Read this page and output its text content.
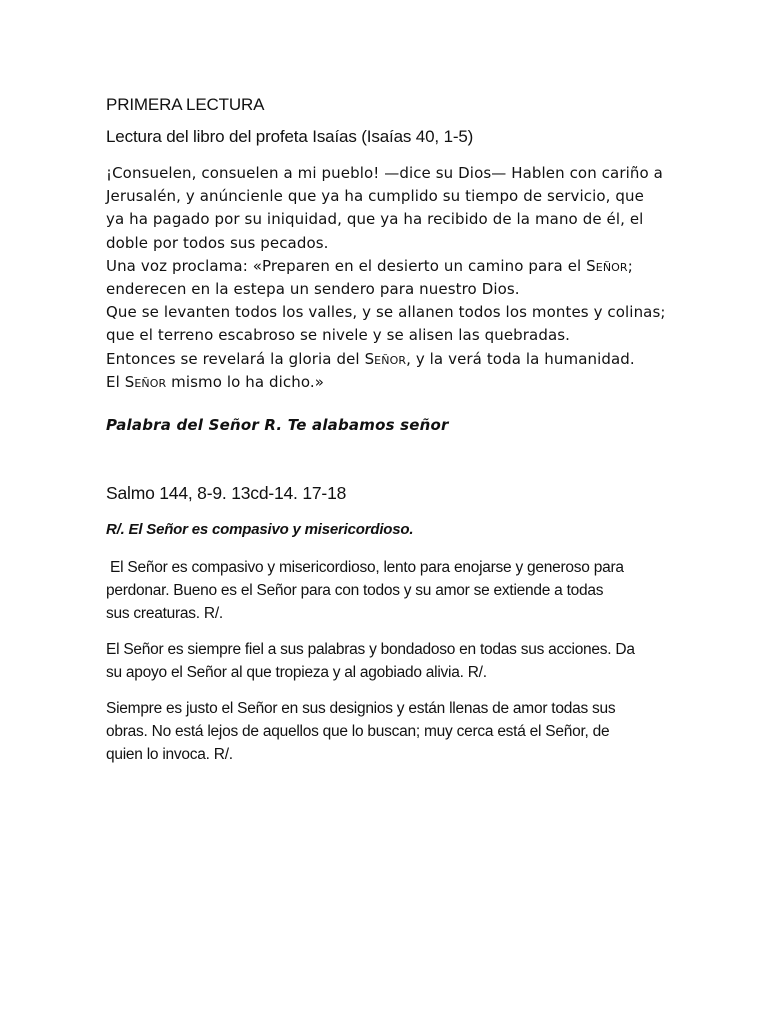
PRIMERA LECTURA

Lectura del libro del profeta Isaías (Isaías 40, 1-5)

¡Consuelen, consuelen a mi pueblo! —dice su Dios— Hablen con cariño a
Jerusalén, y anúncienle que ya ha cumplido su tiempo de servicio, que
ya ha pagado por su iniquidad, que ya ha recibido de la mano de él, el
doble por todos sus pecados.
Una voz proclama: «Preparen en el desierto un camino para el Señor;
enderecen en la estepa un sendero para nuestro Dios.
Que se levanten todos los valles, y se allanen todos los montes y colinas;
que el terreno escabroso se nivele y se alisen las quebradas.
Entonces se revelará la gloria del Señor, y la verá toda la humanidad.
El Señor mismo lo ha dicho.»

Palabra del Señor R. Te alabamos señor

Salmo 144, 8-9. 13cd-14. 17-18

R/. El Señor es compasivo y misericordioso.

El Señor es compasivo y misericordioso, lento para enojarse y generoso para
perdonar. Bueno es el Señor para con todos y su amor se extiende a todas
sus creaturas. R/.
El Señor es siempre fiel a sus palabras y bondadoso en todas sus acciones. Da
su apoyo el Señor al que tropieza y al agobiado alivia. R/.
Siempre es justo el Señor en sus designios y están llenas de amor todas sus
obras. No está lejos de aquellos que lo buscan; muy cerca está el Señor, de
quien lo invoca. R/.
